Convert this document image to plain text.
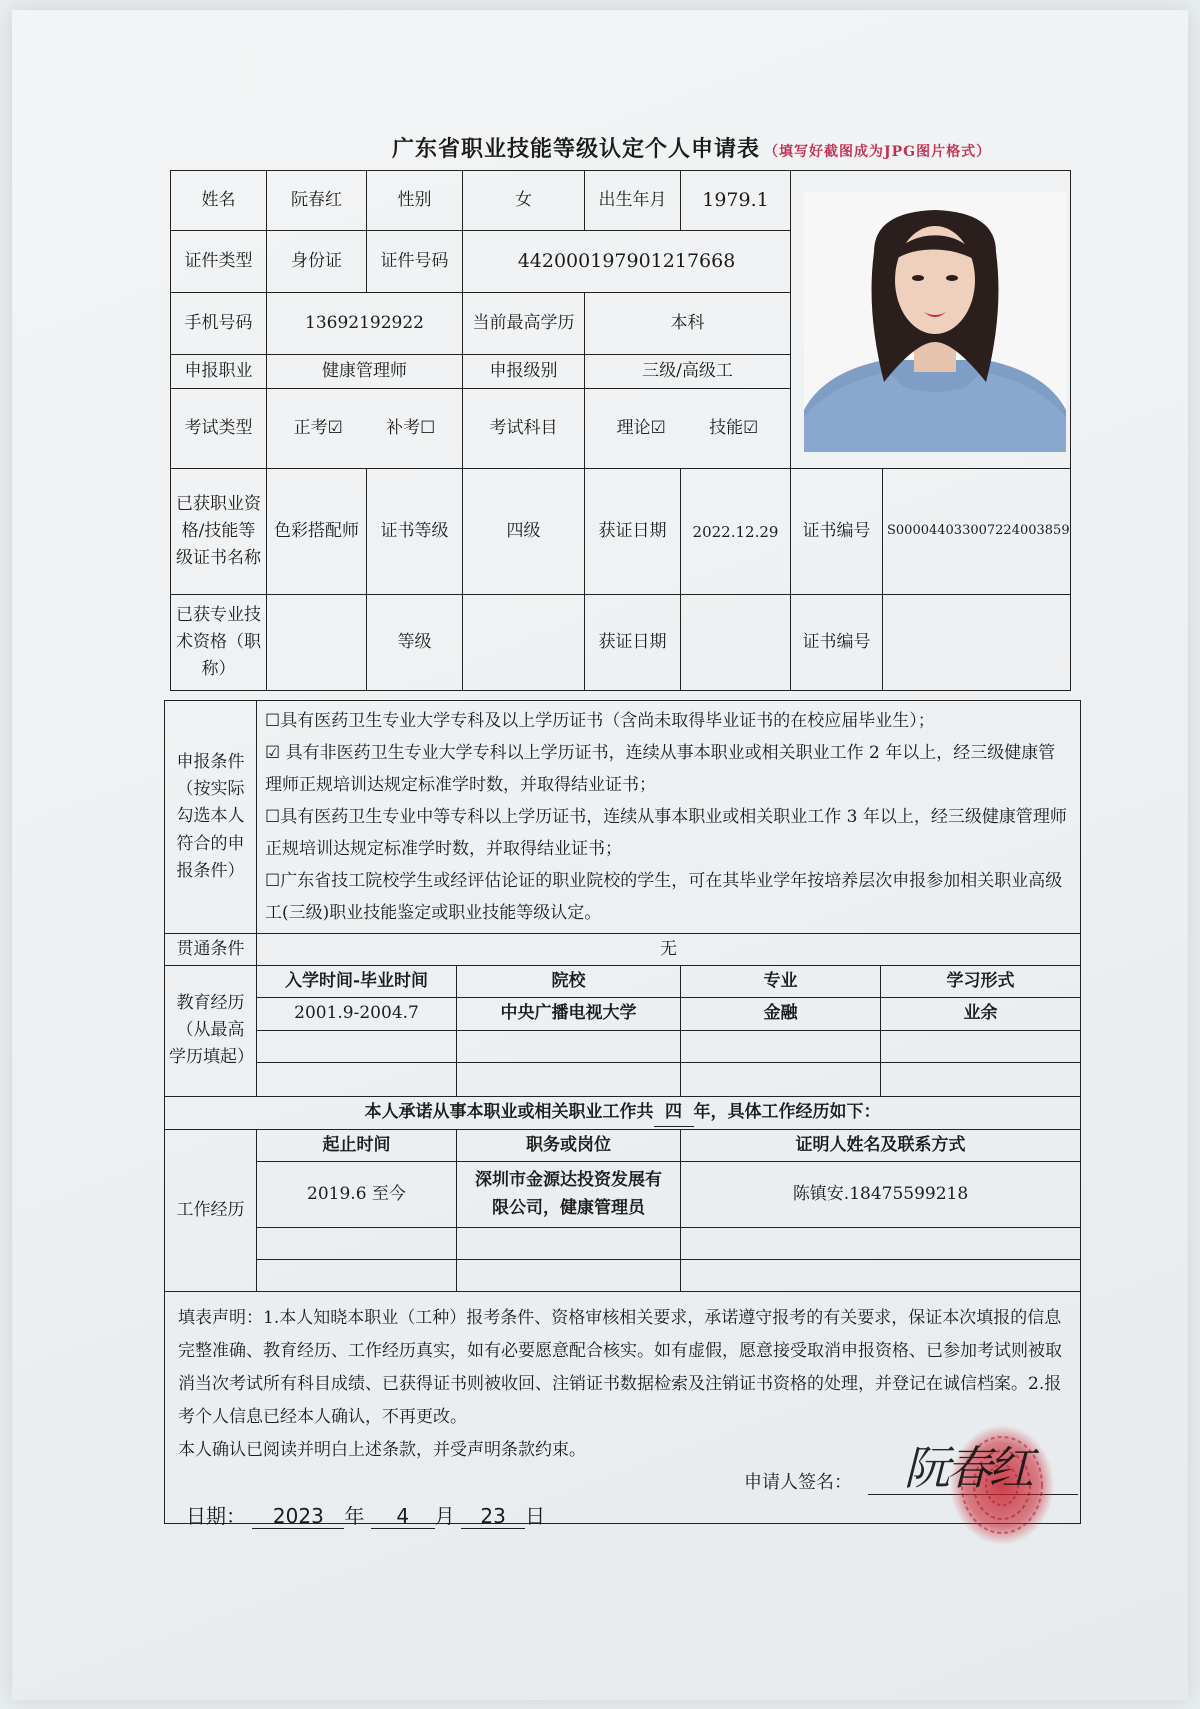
广东省职业技能等级认定个人申请表 （填写好截图成为JPG图片格式）
姓名	阮春红	性别	女	出生年月	1979.1		
证件类型	身份证	证件号码	442000197901217668				
手机号码	13692192922		当前最高学历	本科			
申报职业	健康管理师		申报级别	三级/高级工			
考试类型	正考☑ 补考☐		考试科目	理论☑ 技能☑			
已获职业资格/技能等级证书名称	色彩搭配师	证书等级	四级	获证日期	2022.12.29	证书编号	S000044033007224003859
已获专业技术资格（职称）		等级		获证日期		证书编号	
申报条件（按实际勾选本人符合的申报条件）	☐具有医药卫生专业大学专科及以上学历证书（含尚未取得毕业证书的在校应届毕业生）；
☑ 具有非医药卫生专业大学专科以上学历证书，连续从事本职业或相关职业工作 2 年以上，经三级健康管理师正规培训达规定标准学时数，并取得结业证书；
☐具有医药卫生专业中等专科以上学历证书，连续从事本职业或相关职业工作 3 年以上，经三级健康管理师正规培训达规定标准学时数，并取得结业证书；
☐广东省技工院校学生或经评估论证的职业院校的学生，可在其毕业学年按培养层次申报参加相关职业高级工(三级)职业技能鉴定或职业技能等级认定。			

贯通条件	无			
教育经历（从最高学历填起）	入学时间-毕业时间	院校	专业	学习形式
	2001.9-2004.7	中央广播电视大学	金融	业余

本人承诺从事本职业或相关职业工作共 四 年，具体工作经历如下：				
工作经历	起止时间	职务或岗位	证明人姓名及联系方式	
	2019.6 至今	深圳市金源达投资发展有限公司，健康管理员	陈镇安.18475599218	

填表声明：1.本人知晓本职业（工种）报考条件、资格审核相关要求，承诺遵守报考的有关要求，保证本次填报的信息完整准确、教育经历、工作经历真实，如有必要愿意配合核实。如有虚假，愿意接受取消申报资格、已参加考试则被取消当次考试所有科目成绩、已获得证书则被收回、注销证书数据检索及注销证书资格的处理，并登记在诚信档案。2.报考个人信息已经本人确认，不再更改。
本人确认已阅读并明白上述条款，并受声明条款约束。
申请人签名：	阮春红
日期： 2023 年 4 月 23 日
